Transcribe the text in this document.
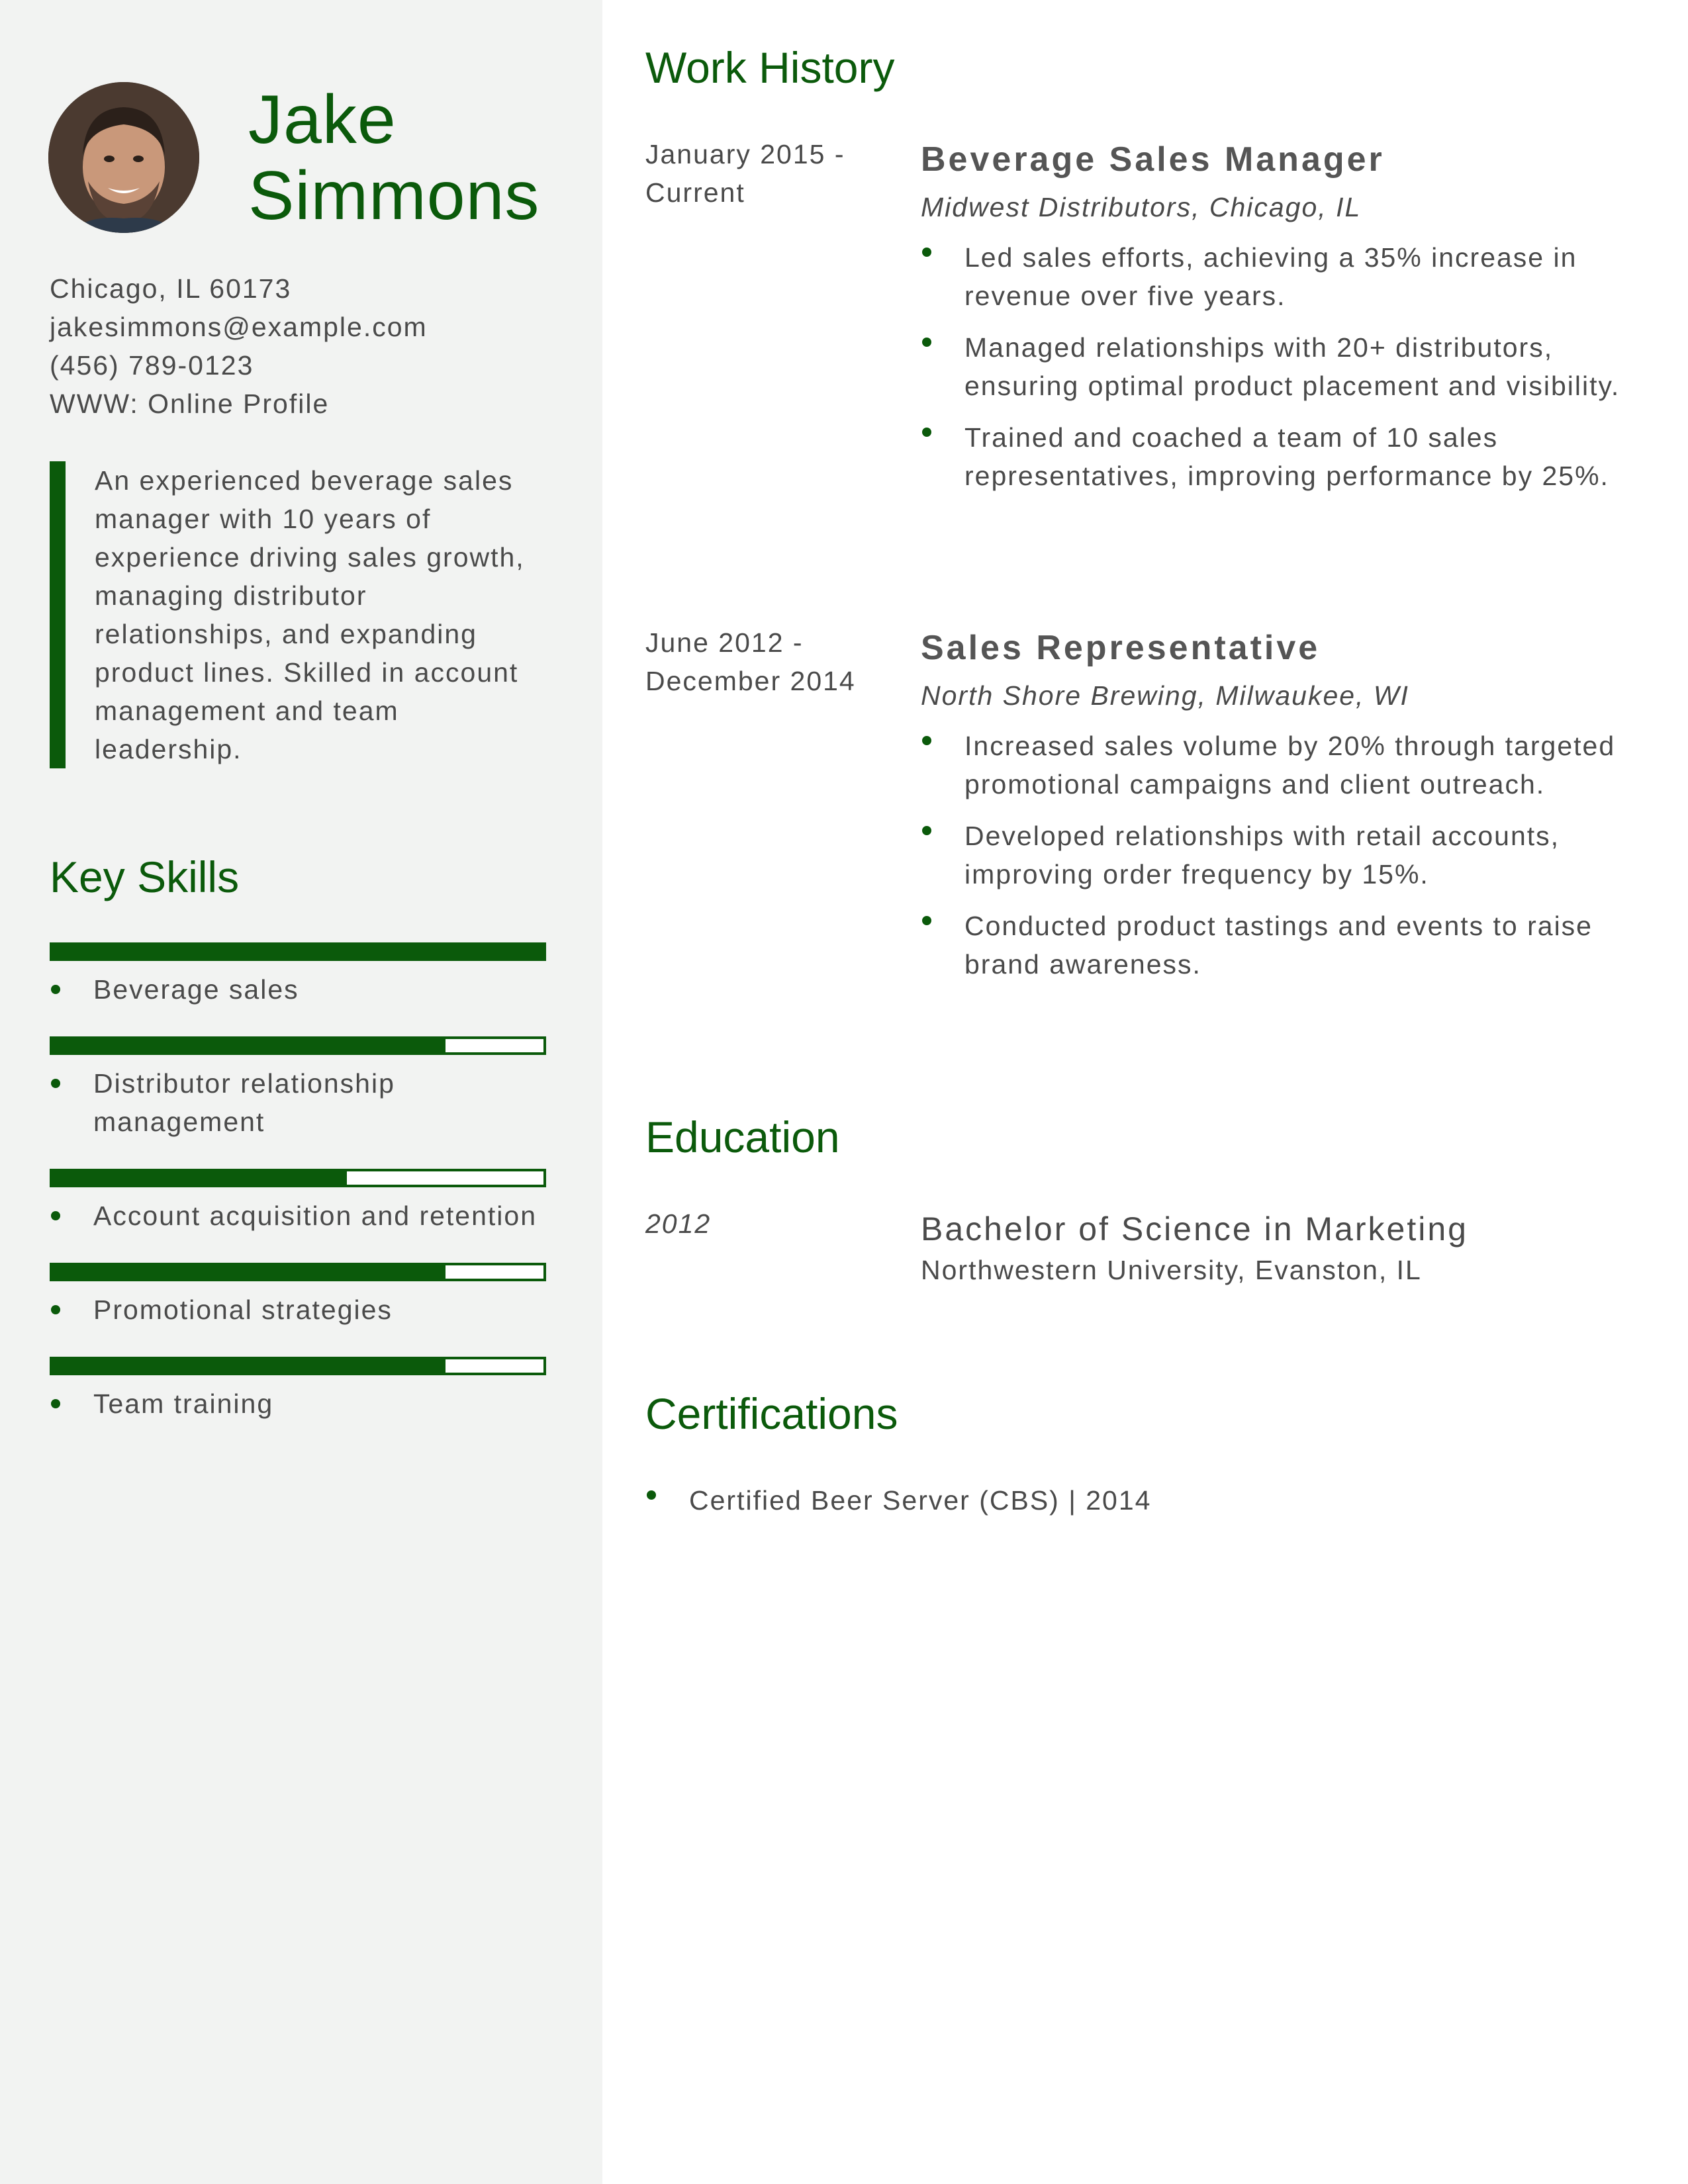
Jake
Simmons
Chicago, IL 60173
jakesimmons@example.com
(456) 789-0123
WWW: Online Profile
An experienced beverage sales manager with 10 years of experience driving sales growth, managing distributor relationships, and expanding product lines. Skilled in account management and team leadership.
Key Skills
Beverage sales
Distributor relationship management
Account acquisition and retention
Promotional strategies
Team training
Work History
January 2015 - Current
Beverage Sales Manager
Midwest Distributors, Chicago, IL
Led sales efforts, achieving a 35% increase in revenue over five years.
Managed relationships with 20+ distributors, ensuring optimal product placement and visibility.
Trained and coached a team of 10 sales representatives, improving performance by 25%.
June 2012 - December 2014
Sales Representative
North Shore Brewing, Milwaukee, WI
Increased sales volume by 20% through targeted promotional campaigns and client outreach.
Developed relationships with retail accounts, improving order frequency by 15%.
Conducted product tastings and events to raise brand awareness.
Education
2012	Bachelor of Science in Marketing
Northwestern University, Evanston, IL
Certifications
Certified Beer Server (CBS) | 2014
